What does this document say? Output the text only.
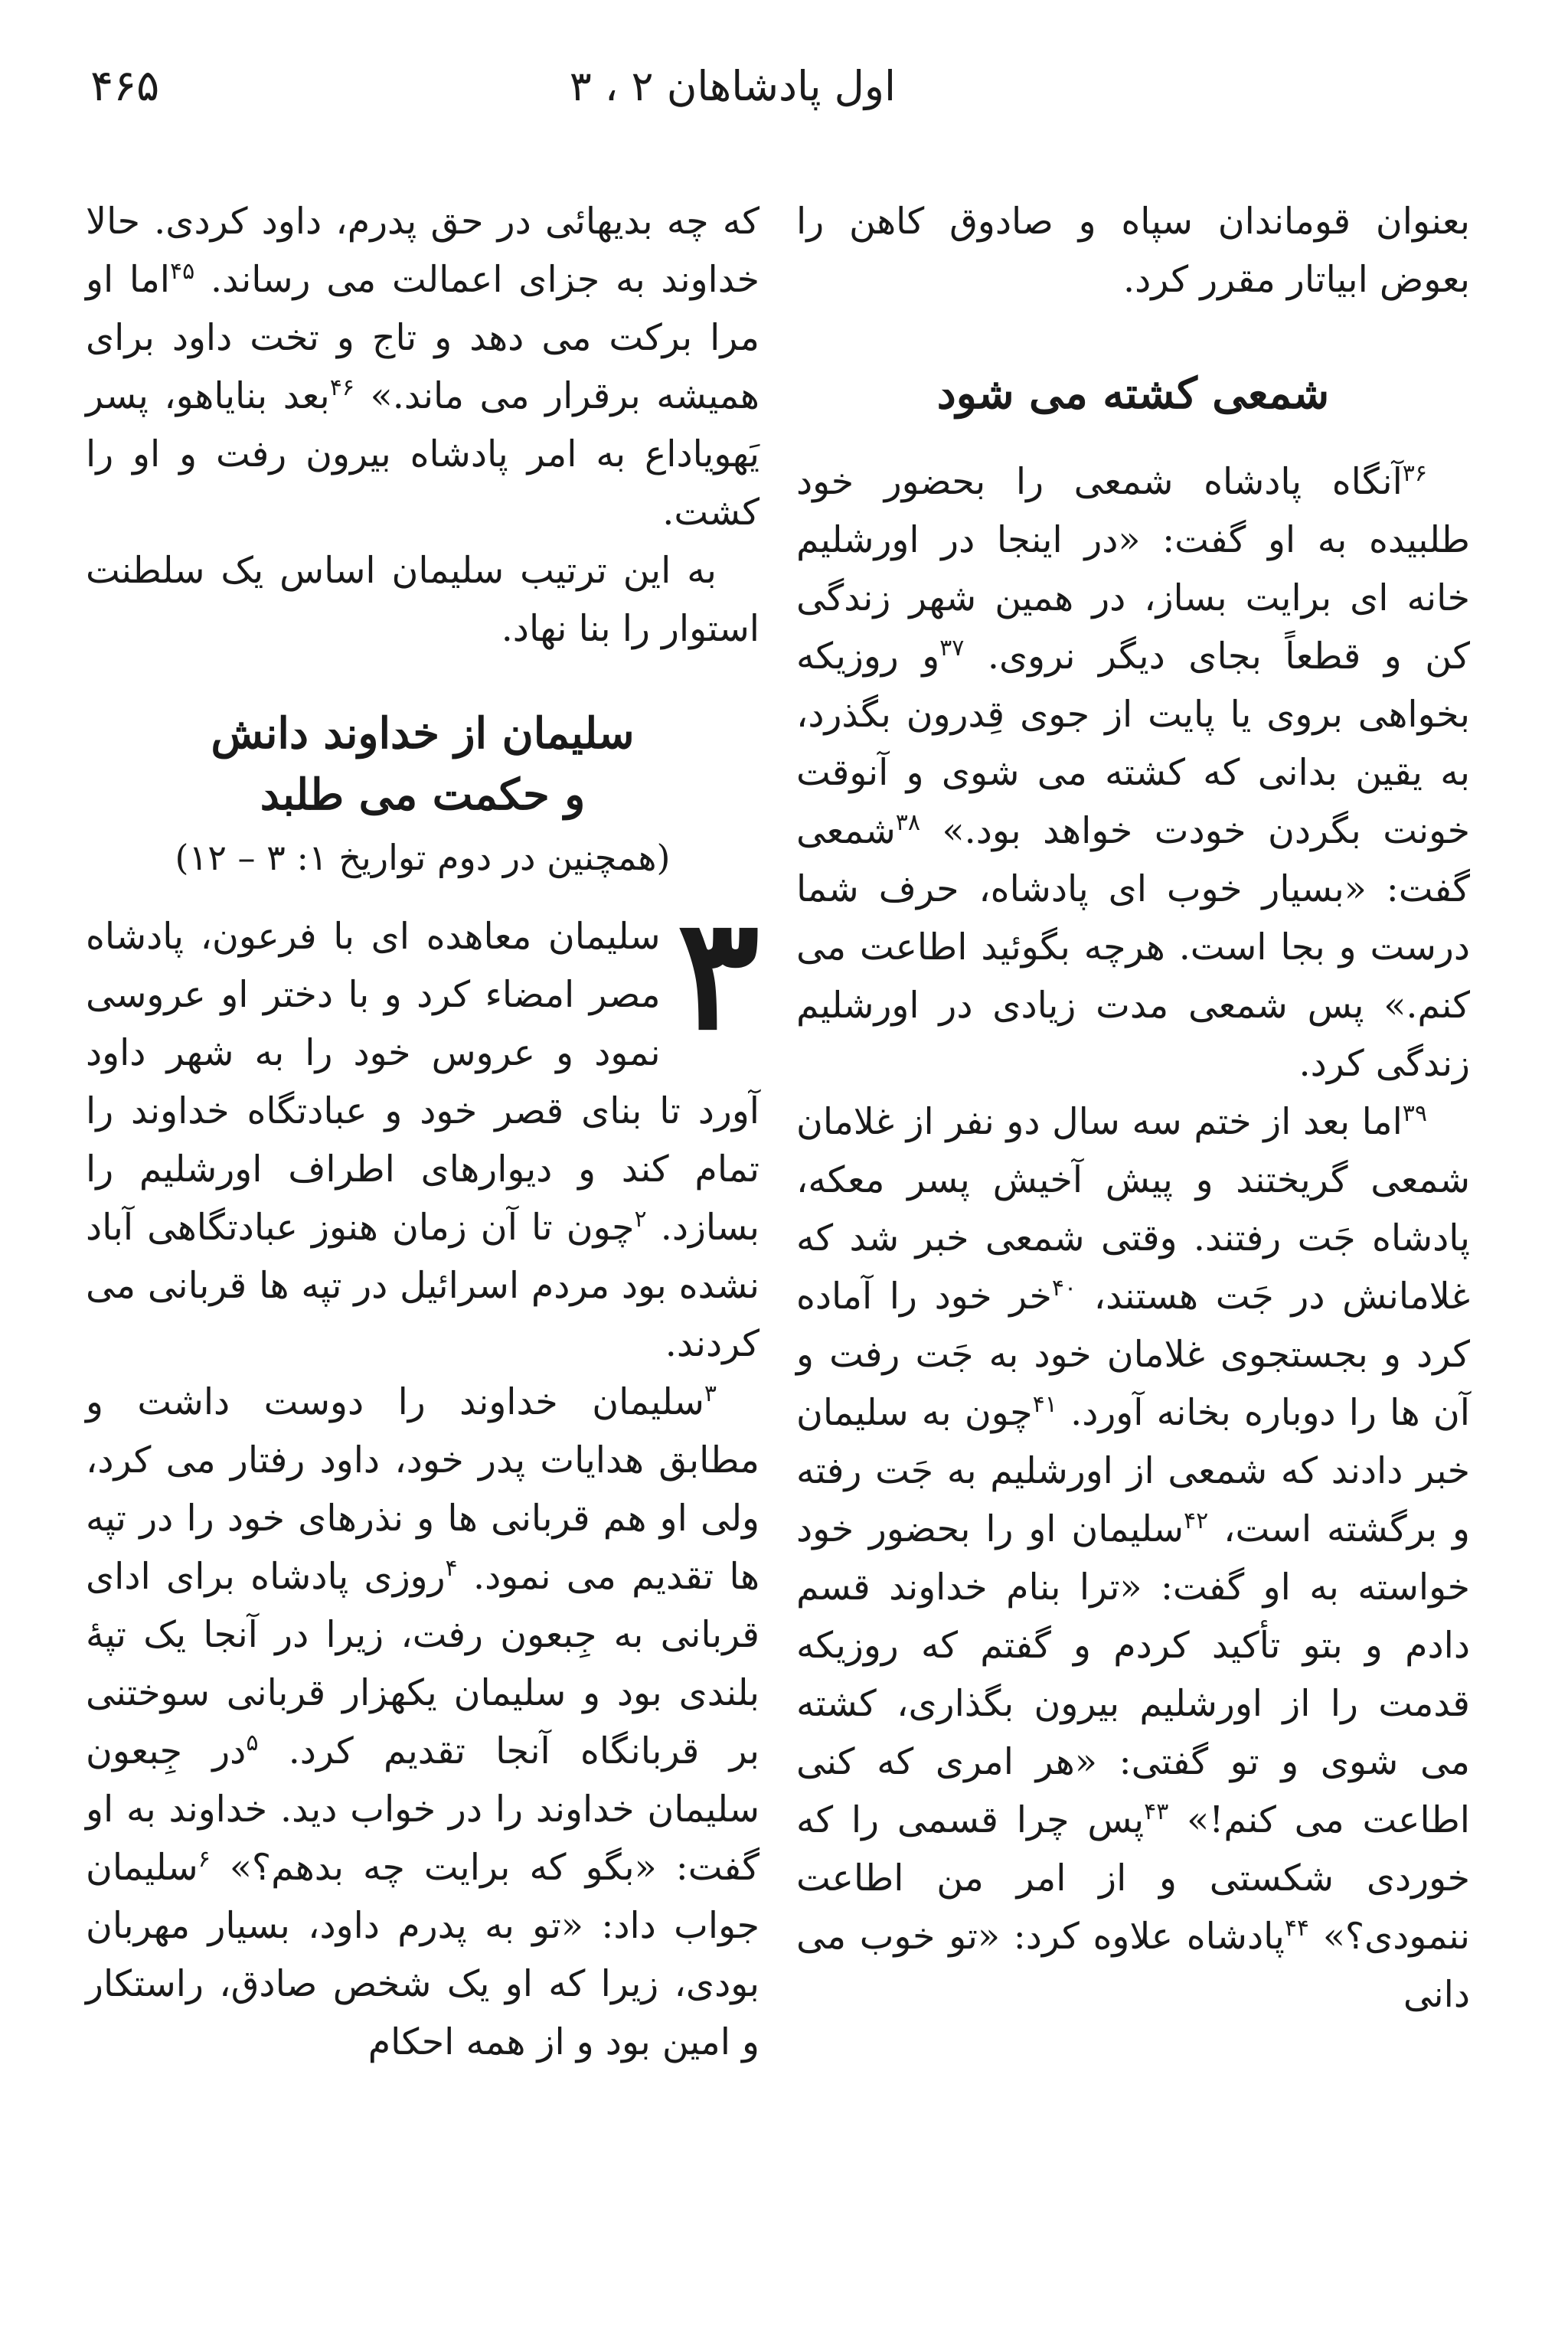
اول پادشاهان ۲ ، ۳
۴۶۵

بعنوان قوماندان سپاه و صادوق کاهن را بعوض ابیاتار مقرر کرد.

شمعی کشته می شود

$^{۳۶}$آنگاه پادشاه شمعی را بحضور خود طلبیده به او گفت: «در اینجا در اورشلیم خانه ای برایت بساز، در همین شهر زندگی کن و قطعاً بجای دیگر نروی. $^{۳۷}$و روزیکه بخواهی بروی یا پایت از جوی قِدرون بگذرد، به یقین بدانی که کشته می شوی و آنوقت خونت بگردن خودت خواهد بود.» $^{۳۸}$شمعی گفت: «بسیار خوب ای پادشاه، حرف شما درست و بجا است. هرچه بگوئید اطاعت می کنم.» پس شمعی مدت زیادی در اورشلیم زندگی کرد.

$^{۳۹}$اما بعد از ختم سه سال دو نفر از غلامان شمعی گریختند و پیش آخیش پسر معکه، پادشاه جَت رفتند. وقتی شمعی خبر شد که غلامانش در جَت هستند، $^{۴۰}$خر خود را آماده کرد و بجستجوی غلامان خود به جَت رفت و آن ها را دوباره بخانه آورد. $^{۴۱}$چون به سلیمان خبر دادند که شمعی از اورشلیم به جَت رفته و برگشته است، $^{۴۲}$سلیمان او را بحضور خود خواسته به او گفت: «ترا بنام خداوند قسم دادم و بتو تأکید کردم و گفتم که روزیکه قدمت را از اورشلیم بیرون بگذاری، کشته می شوی و تو گفتی: «هر امری که کنی اطاعت می کنم!» $^{۴۳}$پس چرا قسمی را که خوردی شکستی و از امر من اطاعت ننمودی؟» $^{۴۴}$پادشاه علاوه کرد: «تو خوب می دانی

که چه بدیهائی در حق پدرم، داود کردی. حالا خداوند به جزای اعمالت می رساند. $^{۴۵}$اما او مرا برکت می دهد و تاج و تخت داود برای همیشه برقرار می ماند.» $^{۴۶}$بعد بنایاهو، پسر یَهویاداع به امر پادشاه بیرون رفت و او را کشت.

به این ترتیب سلیمان اساس یک سلطنت استوار را بنا نهاد.

سلیمان از خداوند دانش
و حکمت می طلبد
(همچنین در دوم تواریخ ۱: ۳ – ۱۲)

۳
سلیمان معاهده ای با فرعون، پادشاه مصر امضاء کرد و با دختر او عروسی نمود و عروس خود را به شهر داود آورد تا بنای قصر خود و عبادتگاه خداوند را تمام کند و دیوارهای اطراف اورشلیم را بسازد. $^۲$چون تا آن زمان هنوز عبادتگاهی آباد نشده بود مردم اسرائیل در تپه ها قربانی می کردند.

$^۳$سلیمان خداوند را دوست داشت و مطابق هدایات پدر خود، داود رفتار می کرد، ولی او هم قربانی ها و نذرهای خود را در تپه ها تقدیم می نمود. $^۴$روزی پادشاه برای ادای قربانی به جِبعون رفت، زیرا در آنجا یک تپهٔ بلندی بود و سلیمان یکهزار قربانی سوختنی بر قربانگاه آنجا تقدیم کرد. $^۵$در جِبعون سلیمان خداوند را در خواب دید. خداوند به او گفت: «بگو که برایت چه بدهم؟» $^۶$سلیمان جواب داد: «تو به پدرم داود، بسیار مهربان بودی، زیرا که او یک شخص صادق، راستکار و امین بود و از همه احکام
